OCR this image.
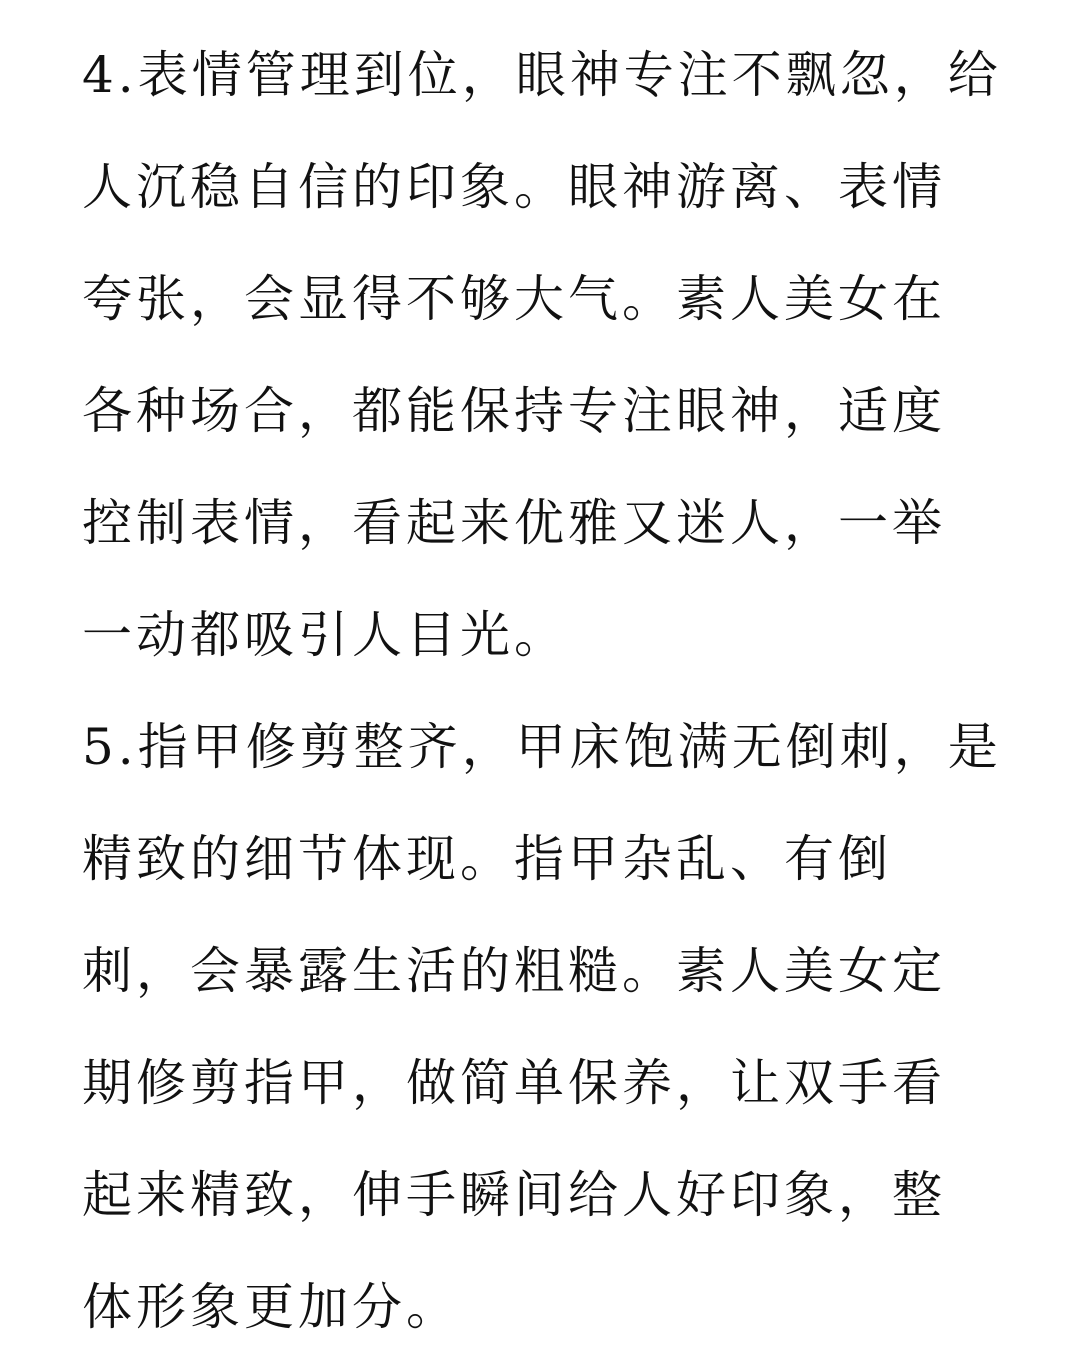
4.表情管理到位，眼神专注不飘忽，给
人沉稳自信的印象。眼神游离、表情
夸张，会显得不够大气。素人美女在
各种场合，都能保持专注眼神，适度
控制表情，看起来优雅又迷人，一举
一动都吸引人目光。
5.指甲修剪整齐，甲床饱满无倒刺，是
精致的细节体现。指甲杂乱、有倒
刺，会暴露生活的粗糙。素人美女定
期修剪指甲，做简单保养，让双手看
起来精致，伸手瞬间给人好印象，整
体形象更加分。
